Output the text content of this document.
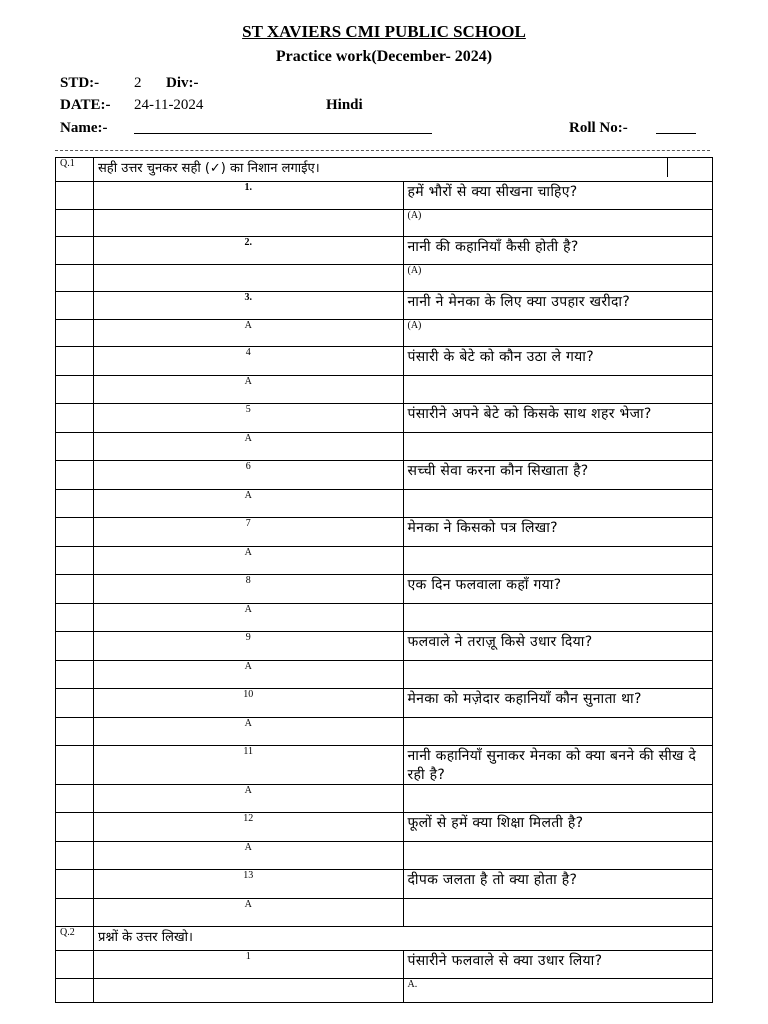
ST XAVIERS CMI PUBLIC SCHOOL
Practice work(December- 2024)
STD:- 2 Div:-
DATE:- 24-11-2024	Hindi
Name:-	Roll No:-
Q.1	सही उत्तर चुनकर सही (✓) का निशान लगाईए।	

	1.	हमें भौरों से क्या सीखना चाहिए?
		(A)
	2.	नानी की कहानियाँ कैसी होती है?
		(A)
	3.	नानी ने मेनका के लिए क्या उपहार खरीदा?
	A	(A)
	4	पंसारी के बेटे को कौन उठा ले गया?
	A	
	5	पंसारीने अपने बेटे को किसके साथ शहर भेजा?
	A	
	6	सच्ची सेवा करना कौन सिखाता है?
	A	
	7	मेनका ने किसको पत्र लिखा?
	A	
	8	एक दिन फलवाला कहाँ गया?
	A	
	9	फलवाले ने तराज़ू किसे उधार दिया?
	A	
	10	मेनका को मज़ेदार कहानियाँ कौन सुनाता था?
	A	
	11	नानी कहानियाँ सुनाकर मेनका को क्या बनने की सीख दे रही है?
	A	
	12	फूलों से हमें क्या शिक्षा मिलती है?
	A	
	13	दीपक जलता है तो क्या होता है?
	A	
Q.2	प्रश्नों के उत्तर लिखो।	
	1	पंसारीने फलवाले से क्या उधार लिया?
		A.
